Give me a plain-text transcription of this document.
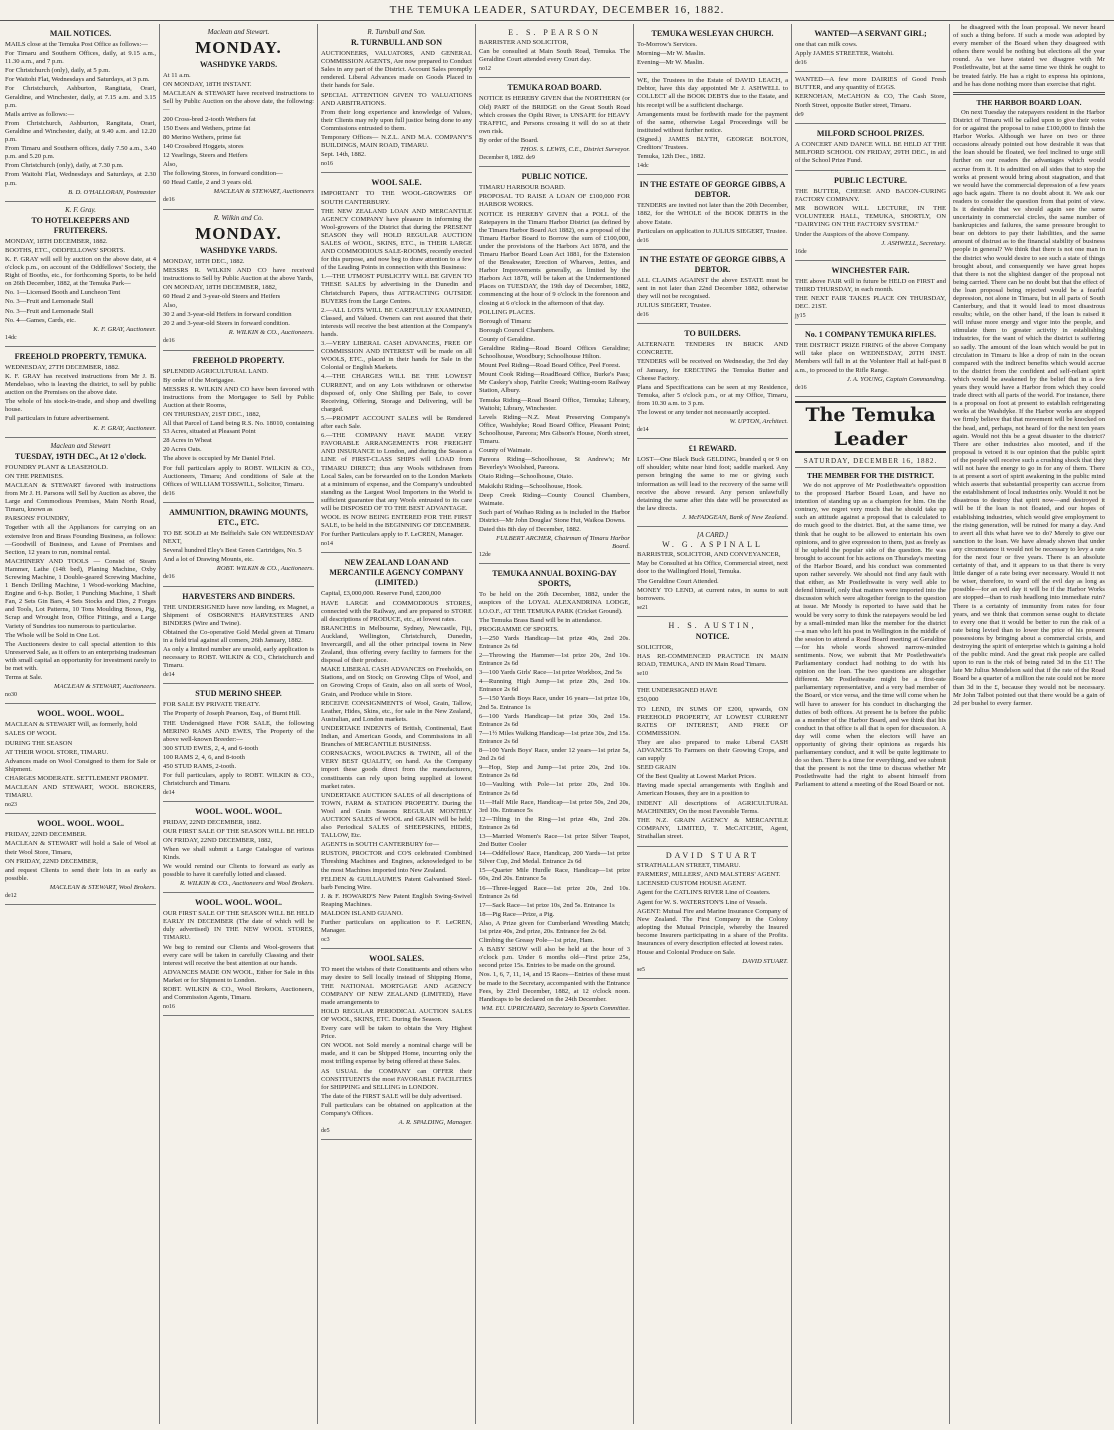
THE TEMUKA LEADER, SATURDAY, DECEMBER 16, 1882.
MAIL NOTICES.

MAILS close at the Temuka Post Office as follows:—

For Timaru and Southern Offices, daily, at 9.15 a.m., 11.30 a.m., and 7 p.m.

For Christchurch (only), daily, at 5 p.m.

For Waitohi Flat, Wednesdays and Saturdays, at 3 p.m.

For Christchurch, Ashburton, Rangitata, Orari, Geraldine, and Winchester, daily, at 7.15 a.m. and 3.15 p.m.

Mails arrive as follows:—

From Christchurch, Ashburton, Rangitata, Orari, Geraldine and Winchester, daily, at 9.40 a.m. and 12.20 p.m.

From Timaru and Southern offices, daily 7.50 a.m., 3.40 p.m. and 5.20 p.m.

From Christchurch (only), daily, at 7.30 p.m.

From Waitohi Flat, Wednesdays and Saturdays, at 2.30 p.m.

B. D. O'HALLORAN, Postmaster
K. F. Gray.
TO HOTELKEEPERS AND FRUITERERS.

MONDAY, 18TH DECEMBER, 1882.

BOOTHS, ETC., ODDFELLOWS' SPORTS.

K. F. GRAY will sell by auction on the above date, at 4 o'clock p.m., on account of the Oddfellows' Society, the Right of Booths, etc., for forthcoming Sports, to be held on 26th December, 1882, at the Temuka Park—

No. 1—Licensed Booth and Luncheon Tent

No. 3—Fruit and Lemonade Stall

No. 3—Fruit and Lemonade Stall

No. 4—Games, Cards, etc.

K. F. GRAY, Auctioneer.
14dc
FREEHOLD PROPERTY, TEMUKA.

WEDNESDAY, 27TH DECEMBER, 1882.

K. F. GRAY has received instructions from Mr J. B. Mendelsso, who is leaving the district, to sell by public auction on the Premises on the above date.

The whole of his stock-in-trade, and shop and dwelling house.

Full particulars in future advertisement.

K. F. GRAY, Auctioneer.
Maclean and Stewart
TUESDAY, 19TH DEC., At 12 o'clock.

FOUNDRY PLANT & LEASEHOLD.

ON THE PREMISES.

MACLEAN & STEWART favored with instructions from Mr J. H. Parsons will Sell by Auction as above, the Large and Commodious Premises, Main North Road, Timaru, known as

PARSONS' FOUNDRY,

Together with all the Appliances for carrying on an extensive Iron and Brass Founding Business, as follows:—Goodwill of Business, and Lease of Premises and Section, 12 years to run, nominal rental.

MACHINERY AND TOOLS — Consist of Steam Hammer, Lathe (14ft bed), Planing Machine, Oxby Screwing Machine, 1 Double-geared Screwing Machine, 1 Bench Drilling Machine, 1 Wood-working Machine, Engine and 6-h.p. Boiler, 1 Punching Machine, 1 Shaft Fan, 2 Sets Gin Bars, 4 Sets Stocks and Dies, 2 Forges and Tools, Lot Patterns, 10 Tons Moulding Boxes, Pig, Scrap and Wrought Iron, Office Fittings, and a Large Variety of Sundries too numerous to particularise.

The Whole will be Sold in One Lot.

The Auctioneers desire to call special attention to this Unreserved Sale, as it offers to an enterprising tradesman with small capital an opportunity for investment rarely to be met with.

Terms at Sale.

MACLEAN & STEWART, Auctioneers.
no30
WOOL. WOOL. WOOL.

MACLEAN & STEWART Will, as formerly, hold

SALES OF WOOL

DURING THE SEASON

AT THEIR WOOL STORE, TIMARU.

Advances made on Wool Consigned to them for Sale or Shipment.

CHARGES MODERATE. SETTLEMENT PROMPT.

MACLEAN AND STEWART, WOOL BROKERS, TIMARU.

no23
WOOL. WOOL. WOOL.

FRIDAY, 22ND DECEMBER.

MACLEAN & STEWART will hold a Sale of Wool at their Wool Store, Timaru,

ON FRIDAY, 22ND DECEMBER,

and request Clients to send their lots in as early as possible.

MACLEAN & STEWART, Wool Brokers.
de12
Maclean and Stewart.
MONDAY.
WASHDYKE YARDS.

At 11 a.m.

ON MONDAY, 18TH INSTANT.

MACLEAN & STEWART have received instructions to Sell by Public Auction on the above date, the following:—

200 Cross-bred 2-tooth Wethers fat

150 Ewes and Wethers, prime fat

80 Merino Wethers, prime fat

140 Crossbred Hoggets, stores

12 Yearlings, Steers and Heifers

Also,

The following Stores, in forward condition—

60 Head Cattle, 2 and 3 years old.

MACLEAN & STEWART, Auctioneers
de16
R. Wilkin and Co.
MONDAY.
WASHDYKE YARDS.

MONDAY, 18TH DEC., 1882.

MESSRS R. WILKIN AND CO have received instructions to Sell by Public Auction at the above Yards,

ON MONDAY, 18TH DECEMBER, 1882,

60 Head 2 and 3-year-old Steers and Heifers

Also,

30 2 and 3-year-old Heifers in forward condition

20 2 and 3-year-old Steers in forward condition.

R. WILKIN & CO., Auctioneers.
de16
FREEHOLD PROPERTY.

SPLENDID AGRICULTURAL LAND.

By order of the Mortgagee.

MESSRS R. WILKIN AND CO have been favored with instructions from the Mortgagee to Sell by Public Auction at their Rooms,

ON THURSDAY, 21ST DEC., 1882,

All that Parcel of Land being R.S. No. 18010, containing 53 Acres, situated at Pleasant Point

28 Acres in Wheat

20 Acres Oats.

The above is occupied by Mr Daniel Friel.

For full particulars apply to ROBT. WILKIN & CO., Auctioneers, Timaru; And conditions of Sale at the Offices of WILLIAM TOSSWILL, Solicitor, Timaru.

de16
AMMUNITION, DRAWING MOUNTS, ETC., ETC.

TO BE SOLD at Mr Belfield's Sale ON WEDNESDAY NEXT,

Several hundred Eley's Best Green Cartridges, No. 5

And a lot of Drawing Mounts, etc.

ROBT. WILKIN & CO., Auctioneers.
de16
HARVESTERS AND BINDERS.

THE UNDERSIGNED have now landing, ex Magnet, a Shipment of OSBORNE'S HARVESTERS AND BINDERS (Wire and Twine).

Obtained the Co-operative Gold Medal given at Timaru in a field trial against all comers, 26th January, 1882.

As only a limited number are unsold, early application is necessary to ROBT. WILKIN & CO., Christchurch and Timaru.

de14
STUD MERINO SHEEP.

FOR SALE BY PRIVATE TREATY.

The Property of Joseph Pearson, Esq., of Burnt Hill.

THE Undersigned Have FOR SALE, the following MERINO RAMS AND EWES, The Property of the above well-known Breeder:—

300 STUD EWES, 2, 4, and 6-tooth

100 RAMS 2, 4, 6, and 8-tooth

450 STUD RAMS, 2-tooth.

For full particulars, apply to ROBT. WILKIN & CO., Christchurch and Timaru.

de14
WOOL. WOOL. WOOL.

FRIDAY, 22ND DECEMBER, 1882.

OUR FIRST SALE OF THE SEASON WILL BE HELD ON FRIDAY, 22ND DECEMBER, 1882,

When we shall submit a Large Catalogue of various Kinds.

We would remind our Clients to forward as early as possible to have it carefully lotted and classed.

R. WILKIN & CO., Auctioneers and Wool Brokers.
WOOL. WOOL. WOOL.

OUR FIRST SALE OF THE SEASON WILL BE HELD EARLY IN DECEMBER (The date of which will be duly advertised) IN THE NEW WOOL STORES, TIMARU.

We beg to remind our Clients and Wool-growers that every care will be taken in carefully Classing and their interest will receive the best attention at our hands.

ADVANCES MADE ON WOOL, Either for Sale in this Market or for Shipment to London.

ROBT. WILKIN & CO., Wool Brokers, Auctioneers, and Commission Agents, Timaru.

no16
R. Turnbull and Son.
R. TURNBULL AND SON

AUCTIONEERS, VALUATORS, AND GENERAL COMMISSION AGENTS, Are now prepared to Conduct Sales in any part of the District. Account Sales promptly rendered. Liberal Advances made on Goods Placed in their hands for Sale.

SPECIAL ATTENTION GIVEN TO VALUATIONS AND ARBITRATIONS.

From their long experience and knowledge of Values, their Clients may rely upon full justice being done to any Commissions entrusted to them.

Temporary Offices— N.Z.L. AND M.A. COMPANY'S BUILDINGS, MAIN ROAD, TIMARU.

Sept. 14th, 1882.

no16
WOOL SALE.

IMPORTANT TO THE WOOL-GROWERS OF SOUTH CANTERBURY.

THE NEW ZEALAND LOAN AND MERCANTILE AGENCY COMPANY have pleasure in informing the Wool-growers of the District that during the PRESENT SEASON they will HOLD REGULAR AUCTION SALES of WOOL, SKINS, ETC., in THEIR LARGE AND COMMODIOUS SALE-ROOMS, recently erected for this purpose, and now beg to draw attention to a few of the Leading Points in connection with this Business:

1.—THE UTMOST PUBLICITY WILL BE GIVEN TO THESE SALES by advertising in the Dunedin and Christchurch Papers, thus ATTRACTING OUTSIDE BUYERS from the Large Centres.

2.—ALL LOTS WILL BE CAREFULLY EXAMINED, Classed, and Valued. Owners can rest assured that their interests will receive the best attention at the Company's hands.

3.—VERY LIBERAL CASH ADVANCES, FREE OF COMMISSION AND INTEREST will be made on all WOOLS, ETC., placed in their hands for Sale in the Colonial or English Markets.

4.—THE CHARGES WILL BE THE LOWEST CURRENT, and on any Lots withdrawn or otherwise disposed of, only One Shilling per Bale, to cover Receiving, Offering, Storage and Delivering, will be charged.

5.—PROMPT ACCOUNT SALES will be Rendered after each Sale.

6.—THE COMPANY HAVE MADE VERY FAVORABLE ARRANGEMENTS FOR FREIGHT AND INSURANCE to London, and during the Season a LINE of FIRST-CLASS SHIPS will LOAD from TIMARU DIRECT; thus any Wools withdrawn from Local Sales, can be forwarded on to the London Markets at a minimum of expense, and the Company's undoubted standing as the Largest Wool Importers in the World is sufficient guarantee that any Wools entrusted to its care will be DISPOSED OF TO THE BEST ADVANTAGE.

WOOL IS NOW BEING ENTERED FOR THE FIRST SALE, to be held in the BEGINNING OF DECEMBER.

For further Particulars apply to F. LeCREN, Manager.

no14
NEW ZEALAND LOAN AND MERCANTILE AGENCY COMPANY (LIMITED.)

Capital, £3,000,000. Reserve Fund, £200,000

HAVE LARGE and COMMODIOUS STORES, connected with the Railway, and are prepared to STORE all descriptions of PRODUCE, etc., at lowest rates.

BRANCHES in Melbourne, Sydney, Newcastle, Fiji, Auckland, Wellington, Christchurch, Dunedin, Invercargill, and all the other principal towns in New Zealand, thus offering every facility to farmers for the disposal of their produce.

MAKE LIBERAL CASH ADVANCES on Freeholds, on Stations, and on Stock; on Growing Clips of Wool, and on Growing Crops of Grain, also on all sorts of Wool, Grain, and Produce while in Store.

RECEIVE CONSIGNMENTS of Wool, Grain, Tallow, Leather, Hides, Skins, etc., for sale in the New Zealand, Australian, and London markets.

UNDERTAKE INDENTS of British, Continental, East Indian, and American Goods, and Commissions in all Branches of MERCANTILE BUSINESS.

CORNSACKS, WOOLPACKS & TWINE, all of the VERY BEST QUALITY, on hand. As the Company import these goods direct from the manufacturers, constituents can rely upon being supplied at lowest market rates.

UNDERTAKE AUCTION SALES of all descriptions of TOWN, FARM & STATION PROPERTY. During the Wool and Grain Seasons REGULAR MONTHLY AUCTION SALES of WOOL and GRAIN will be held; also Periodical SALES of SHEEPSKINS, HIDES, TALLOW, Etc.

AGENTS in SOUTH CANTERBURY for—

RUSTON, PROCTOR and CO'S celebrated Combined Threshing Machines and Engines, acknowledged to be the most Machines imported into New Zealand.

FELDEN & GUILLAUME'S Patent Galvanised Steel-barb Fencing Wire.

J. & F. HOWARD'S New Patent English Swing-Swivel Reaping Machines.

MALDON ISLAND GUANO.

Further particulars on application to F. LeCREN, Manager.

oc3
WOOL SALES.

TO meet the wishes of their Constituents and others who may desire to Sell locally instead of Shipping Home, THE NATIONAL MORTGAGE AND AGENCY COMPANY OF NEW ZEALAND (LIMITED), Have made arrangements to

HOLD REGULAR PERIODICAL AUCTION SALES OF WOOL, SKINS, ETC. During the Season.

Every care will be taken to obtain the Very Highest Price.

ON WOOL not Sold merely a nominal charge will be made, and it can be Shipped Home, incurring only the most trifling expense by being offered at these Sales.

AS USUAL the COMPANY can OFFER their CONSTITUENTS the most FAVORABLE FACILITIES for SHIPPING and SELLING in LONDON.

The date of the FIRST SALE will be duly advertised.

Full particulars can be obtained on application at the Company's Offices.

A. R. SPALDING, Manager.
de5
E. S. PEARSON

BARRISTER AND SOLICITOR,

Can be consulted at Main South Road, Temuka. The Geraldine Court attended every Court day.

no12
TEMUKA ROAD BOARD.

NOTICE IS HEREBY GIVEN that the NORTHERN (or Old) PART of the BRIDGE on the Great South Road which crosses the Opihi River, is UNSAFE for HEAVY TRAFFIC, and Persons crossing it will do so at their own risk.

By order of the Board.

THOS. S. LEWIS, C.E., District Surveyor.
December 8, 1882. de9
PUBLIC NOTICE.

TIMARU HARBOUR BOARD.

PROPOSAL TO RAISE A LOAN OF £100,000 FOR HARBOR WORKS.

NOTICE IS HEREBY GIVEN that a POLL of the Ratepayers in the Timaru Harbor District (as defined by the Timaru Harbor Board Act 1882), on a proposal of the Timaru Harbor Board to Borrow the sum of £100,000, under the provisions of the Harbors Act 1878, and the Timaru Harbor Board Loan Act 1881, for the Extension of the Breakwater, Erection of Wharves, Jetties, and Harbor Improvements generally, as limited by the Harbors Act 1878, will be taken at the Undermentioned Places on TUESDAY, the 19th day of December, 1882, commencing at the hour of 9 o'clock in the forenoon and closing at 6 o'clock in the afternoon of that day.

POLLING PLACES.

Borough of Timaru:

Borough Council Chambers.

County of Geraldine.

Geraldine Riding—Road Board Offices Geraldine; Schoolhouse, Woodbury; Schoolhouse Hilton.

Mount Peel Riding—Road Board Office, Peel Forest.

Mount Cook Riding—RoadBoard Office, Burke's Pass; Mr Caskey's shop, Fairlie Creek; Waiting-room Railway Station, Albury.

Temuka Riding—Road Board Office, Temuka; Library, Waitohi; Library, Winchester.

Levels Riding—N.Z. Meat Preserving Company's Office, Washdyke; Road Board Office, Pleasant Point; Schoolhouse, Pareora; Mrs Gibson's House, North street, Timaru.

County of Waimate.

Pareora Riding—Schoolhouse, St Andrew's; Mr Beverley's Woolshed, Pareora.

Otaio Riding—Schoolhouse, Otaio.

Makikihi Riding—Schoolhouse, Hook.

Deep Creek Riding—County Council Chambers, Waimate.

Such part of Waihao Riding as is included in the Harbor District—Mr John Douglas' Stone Hut, Waikoa Downs.

Dated this 8th day of December, 1882.

FULBERT ARCHER, Chairman of Timaru Harbor Board.
12de
TEMUKA ANNUAL BOXING-DAY SPORTS,

To be held on the 26th December, 1882, under the auspices of the LOYAL ALEXANDRINA LODGE, I.O.O.F., AT THE TEMUKA PARK (Cricket Ground).

The Temuka Brass Band will be in attendance.

PROGRAMME OF SPORTS.

1—250 Yards Handicap—1st prize 40s, 2nd 20s. Entrance 2s 6d

2—Throwing the Hammer—1st prize 20s, 2nd 10s. Entrance 2s 6d

3—100 Yards Girls' Race—1st prize Workbox, 2nd 5s

4—Running High Jump—1st prize 20s, 2nd 10s. Entrance 2s 6d

5—150 Yards Boys Race, under 16 years—1st prize 10s, 2nd 5s. Entrance 1s

6—100 Yards Handicap—1st prize 30s, 2nd 15s. Entrance 2s 6d

7—1½ Miles Walking Handicap—1st prize 30s, 2nd 15s. Entrance 2s 6d

8—100 Yards Boys' Race, under 12 years—1st prize 5s, 2nd 2s 6d

9—Hop, Step and Jump—1st prize 20s, 2nd 10s. Entrance 2s 6d

10—Vaulting with Pole—1st prize 20s, 2nd 10s. Entrance 2s 6d

11—Half Mile Race, Handicap—1st prize 50s, 2nd 20s, 3rd 10s. Entrance 5s

12—Tilting in the Ring—1st prize 40s, 2nd 20s. Entrance 2s 6d

13—Married Women's Race—1st prize Silver Teapot, 2nd Butter Cooler

14—Oddfellows' Race, Handicap, 200 Yards—1st prize Silver Cup, 2nd Medal. Entrance 2s 6d

15—Quarter Mile Hurdle Race, Handicap—1st prize 60s, 2nd 20s. Entrance 5s

16—Three-legged Race—1st prize 20s, 2nd 10s. Entrance 2s 6d

17—Sack Race—1st prize 10s, 2nd 5s. Entrance 1s

18—Pig Race—Prize, a Pig.

Also, A Prize given for Cumberland Wrestling Match; 1st prize 40s, 2nd prize, 20s. Entrance fee 2s 6d.

Climbing the Greasy Pole—1st prize, Ham.

A BABY SHOW will also be held at the hour of 3 o'clock p.m. Under 6 months old—First prize 25s, second prize 15s. Entries to be made on the ground.

Nos. 1, 6, 7, 11, 14, and 15 Races—Entries of these must be made to the Secretary, accompanied with the Entrance Fees, by 23rd December, 1882, at 12 o'clock noon. Handicaps to be declared on the 24th December.

WM. EU. UPRICHARD, Secretary to Sports Committee.
TEMUKA WESLEYAN CHURCH.

To-Morrow's Services.

Morning—Mr W. Maslin.

Evening—Mr W. Maslin.

WE, the Trustees in the Estate of DAVID LEACH, a Debtor, have this day appointed Mr J. ASHWELL to COLLECT all the BOOK DEBTS due to the Estate, and his receipt will be a sufficient discharge.

Arrangements must be forthwith made for the payment of the same, otherwise Legal Proceedings will be instituted without further notice.

(Signed.) JAMES BLYTH, GEORGE BOLTON, Creditors' Trustees.

Temuka, 12th Dec., 1882.

14dc
IN THE ESTATE OF GEORGE GIBBS, A DEBTOR.

TENDERS are invited not later than the 20th December, 1882, for the WHOLE of the BOOK DEBTS in the above Estate.

Particulars on application to JULIUS SIEGERT, Trustee.

de16
IN THE ESTATE OF GEORGE GIBBS, A DEBTOR.

ALL CLAIMS AGAINST the above ESTATE must be sent in not later than 22nd December 1882, otherwise they will not be recognised.

JULIUS SIEGERT, Trustee.

de16
TO BUILDERS.

ALTERNATE TENDERS IN BRICK AND CONCRETE.

TENDERS will be received on Wednesday, the 3rd day of January, for ERECTING the Temuka Butter and Cheese Factory.

Plans and Specifications can be seen at my Residence, Temuka, after 5 o'clock p.m., or at my Office, Timaru, from 10.30 a.m. to 3 p.m.

The lowest or any tender not necessarily accepted.

W. UPTON, Architect.
de14
£1 REWARD.

LOST—One Black Buck GELDING, branded q or 9 on off shoulder; white near hind foot; saddle marked. Any person bringing the same to me or giving such information as will lead to the recovery of the same will receive the above reward. Any person unlawfully detaining the same after this date will be prosecuted as the law directs.

J. McFADGEAN, Bank of New Zealand.
[A CARD.]
W. G. ASPINALL

BARRISTER, SOLICITOR, AND CONVEYANCER,

May be Consulted at his Office, Commercial street, next door to the Wallingford Hotel, Temuka.

The Geraldine Court Attended.

MONEY TO LEND, at current rates, in sums to suit borrowers.

se21
H. S. AUSTIN,
NOTICE.

SOLICITOR,

HAS RE-COMMENCED PRACTICE IN MAIN ROAD, TEMUKA, AND IN Main Road Timaru.

se10

THE UNDERSIGNED HAVE

£50,000

TO LEND, IN SUMS OF £200, upwards, ON FREEHOLD PROPERTY, AT LOWEST CURRENT RATES OF INTEREST, AND FREE OF COMMISSION.

They are also prepared to make Liberal CASH ADVANCES To Farmers on their Growing Crops, and can supply

SEED GRAIN

Of the Best Quality at Lowest Market Prices.

Having made special arrangements with English and American Houses, they are in a position to

INDENT All descriptions of AGRICULTURAL MACHINERY, On the most Favorable Terms.

THE N.Z. GRAIN AGENCY & MERCANTILE COMPANY, LIMITED, T. McCATCHIE, Agent, Strathallan street.

DAVID STUART

STRATHALLAN STREET, TIMARU.

FARMERS', MILLERS', AND MALSTERS' AGENT.

LICENSED CUSTOM HOUSE AGENT.

Agent for the CATLIN'S RIVER Line of Coasters.

Agent for W. S. WATERSTON'S Line of Vessels.

AGENT: Mutual Fire and Marine Insurance Company of New Zealand. The First Company in the Colony adopting the Mutual Principle, whereby the Insured become Insurers participating in a share of the Profits. Insurances of every description effected at lowest rates.

House and Colonial Produce on Sale.

DAVID STUART.
se5
WANTED—A SERVANT GIRL;

one that can milk cows.

Apply JAMES STREETER, Waitohi.

de16

WANTED—A few more DAIRIES of Good Fresh BUTTER, and any quantity of EGGS.

KERNOHAN, McCAHON & CO, The Cash Store, North Street, opposite Butler street, Timaru.

de9
MILFORD SCHOOL PRIZES.

A CONCERT AND DANCE WILL BE HELD AT THE MILFORD SCHOOL ON FRIDAY, 29TH DEC., in aid of the School Prize Fund.

PUBLIC LECTURE.

THE BUTTER, CHEESE AND BACON-CURING FACTORY COMPANY.

MR BOWRON WILL LECTURE, IN THE VOLUNTEER HALL, TEMUKA, SHORTLY, ON "DAIRYING ON THE FACTORY SYSTEM."

Under the Auspices of the above Company.

J. ASHWELL, Secretary.
16de
WINCHESTER FAIR.

THE above FAIR will in future be HELD on FIRST and THIRD THURSDAY, in each month.

THE NEXT FAIR TAKES PLACE ON THURSDAY, DEC. 21ST.

jy15
No. 1 COMPANY TEMUKA RIFLES.

THE DISTRICT PRIZE FIRING of the above Company will take place on WEDNESDAY, 20TH INST. Members will fall in at the Volunteer Hall at half-past 8 a.m., to proceed to the Rifle Range.

J. A. YOUNG, Captain Commanding.
de16
The Temuka Leader
SATURDAY, DECEMBER 16, 1882.
THE MEMBER FOR THE DISTRICT.

We do not approve of Mr Postlethwaite's opposition to the proposed Harbor Board Loan, and have no intention of standing up as a champion for him. On the contrary, we regret very much that he should take up such an attitude against a proposal that is calculated to do much good to the district. But, at the same time, we think that he ought to be allowed to entertain his own opinions, and to give expression to them, just as freely as if he upheld the popular side of the question. He was brought to account for his actions on Thursday's meeting of the Harbor Board, and his conduct was commented upon rather severely. We should not find any fault with that either, as Mr Postlethwaite is very well able to defend himself, only that matters were imported into the discussion which were altogether foreign to the question at issue. Mr Moody is reported to have said that he would be very sorry to think the ratepayers would be led by a small-minded man like the member for the district—a man who left his post in Wellington in the middle of the session to attend a Road Board meeting at Geraldine—for his whole words showed narrow-minded sentiments. Now, we submit that Mr Postlethwaite's Parliamentary conduct had nothing to do with his opinion on the loan. The two questions are altogether different. Mr Postlethwaite might be a first-rate parliamentary representative, and a very bad member of the Board, or vice versa, and the time will come when he will have to answer for his conduct in discharging the duties of both offices. At present he is before the public as a member of the Harbor Board, and we think that his conduct in that office is all that is open for discussion. A day will come when the electors will have an opportunity of giving their opinions as regards his parliamentary conduct, and it will be quite legitimate to do so then. There is a time for everything, and we submit that the present is not the time to discuss whether Mr Postlethwaite had the right to absent himself from Parliament to attend a meeting of the Road Board or not.

he disagreed with the loan proposal. We never heard of such a thing before. If such a mode was adopted by every member of the Board when they disagreed with others there would be nothing but elections all the year round. As we have stated we disagree with Mr Postlethwaite, but at the same time we think he ought to be treated fairly. He has a right to express his opinions, and he has done nothing more than exercise that right.

THE HARBOR BOARD LOAN.

On next Tuesday the ratepayers resident in the Harbor District of Timaru will be called upon to give their votes for or against the proposal to raise £100,000 to finish the Harbor Works. Although we have on two or three occasions already pointed out how desirable it was that the loan should be floated, we feel inclined to urge still further on our readers the advantages which would accrue from it. It is admitted on all sides that to stop the works at present would bring about stagnation, and that we would have the commercial depression of a few years ago back again. There is no doubt about it. We ask our readers to consider the question from that point of view. Is it desirable that we should again see the same uncertainty in commercial circles, the same number of bankruptcies and failures, the same pressure brought to bear on debtors to pay their liabilities, and the same amount of distrust as to the financial stability of business people in general? We think that there is not one man in the district who would desire to see such a state of things brought about, and consequently we have great hopes that there is not the slightest danger of the proposal not being carried. There can be no doubt but that the effect of the loan proposal being rejected would be a fearful depression, not alone in Timaru, but in all parts of South Canterbury, and that it would lead to most disastrous results; while, on the other hand, if the loan is raised it will infuse more energy and vigor into the people, and stimulate them to greater activity in establishing industries, for the want of which the district is suffering so sadly. The amount of the loan which would be put in circulation in Timaru is like a drop of rain in the ocean compared with the indirect benefits which would accrue to the district from the confident and self-reliant spirit which would be awakened by the belief that in a few years they would have a Harbor from which they could trade direct with all parts of the world. For instance, there is a proposal on foot at present to establish refrigerating works at the Washdyke. If the Harbor works are stopped we firmly believe that that movement will be knocked on the head, and, perhaps, not heard of for the next ten years again. Would not this be a great disaster to the district? There are other industries also mooted, and if the proposal is vetoed it is our opinion that the public spirit of the people will receive such a crushing shock that they will not have the energy to go in for any of them. There is at present a sort of spirit awakening in the public mind which asserts that substantial prosperity can accrue from the establishment of local industries only. Would it not be disastrous to destroy that spirit now—and destroyed it will be if the loan is not floated, and our hopes of establishing industries, which would give employment to the rising generation, will be ruined for many a day. And to avert all this what have we to do? Merely to give our sanction to the loan. We have already shown that under any circumstance it would not be necessary to levy a rate for the next four or five years. There is an absolute certainty of that, and it appears to us that there is very little danger of a rate being ever necessary. Would it not be wiser, therefore, to ward off the evil day as long as possible—for an evil day it will be if the Harbor Works are stopped—than to rush headlong into immediate ruin? There is a certainty of immunity from rates for four years, and we think that common sense ought to dictate to every one that it would be better to run the risk of a rate being levied than to lower the price of his present possessions by bringing about a commercial crisis, and destroying the spirit of enterprise which is gaining a hold of the public mind. And the great risk people are called upon to run is the risk of being rated 3d in the £1! The late Mr Julius Mendelson said that if the rate of the Road Board be a quarter of a million the rate could not be more than 3d in the £, because they would not be necessary. Mr John Talbot pointed out that there would be a gain of 2d per bushel to every farmer.
